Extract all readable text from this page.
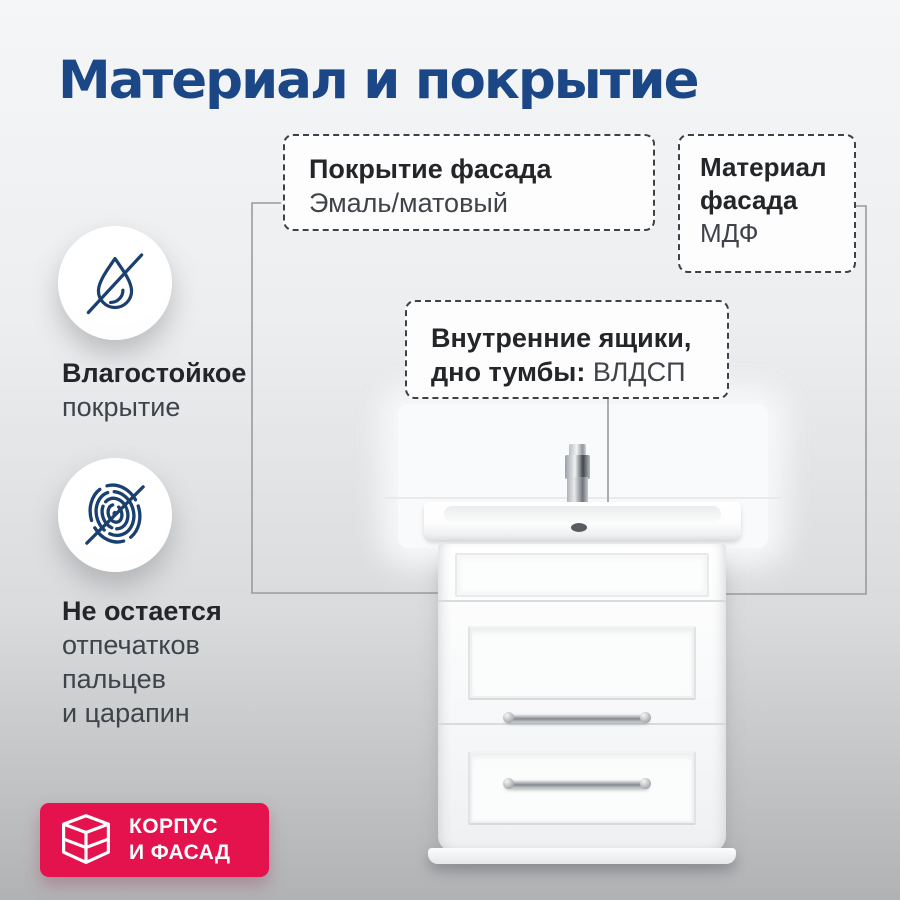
Материал и покрытие
Покрытие фасада
Эмаль/матовый
Материал фасада
МДФ
Внутренние ящики,
дно тумбы: ВЛДСП
Влагостойкое
покрытие
Не остается
отпечатков
пальцев
и царапин
КОРПУС
И ФАСАД
